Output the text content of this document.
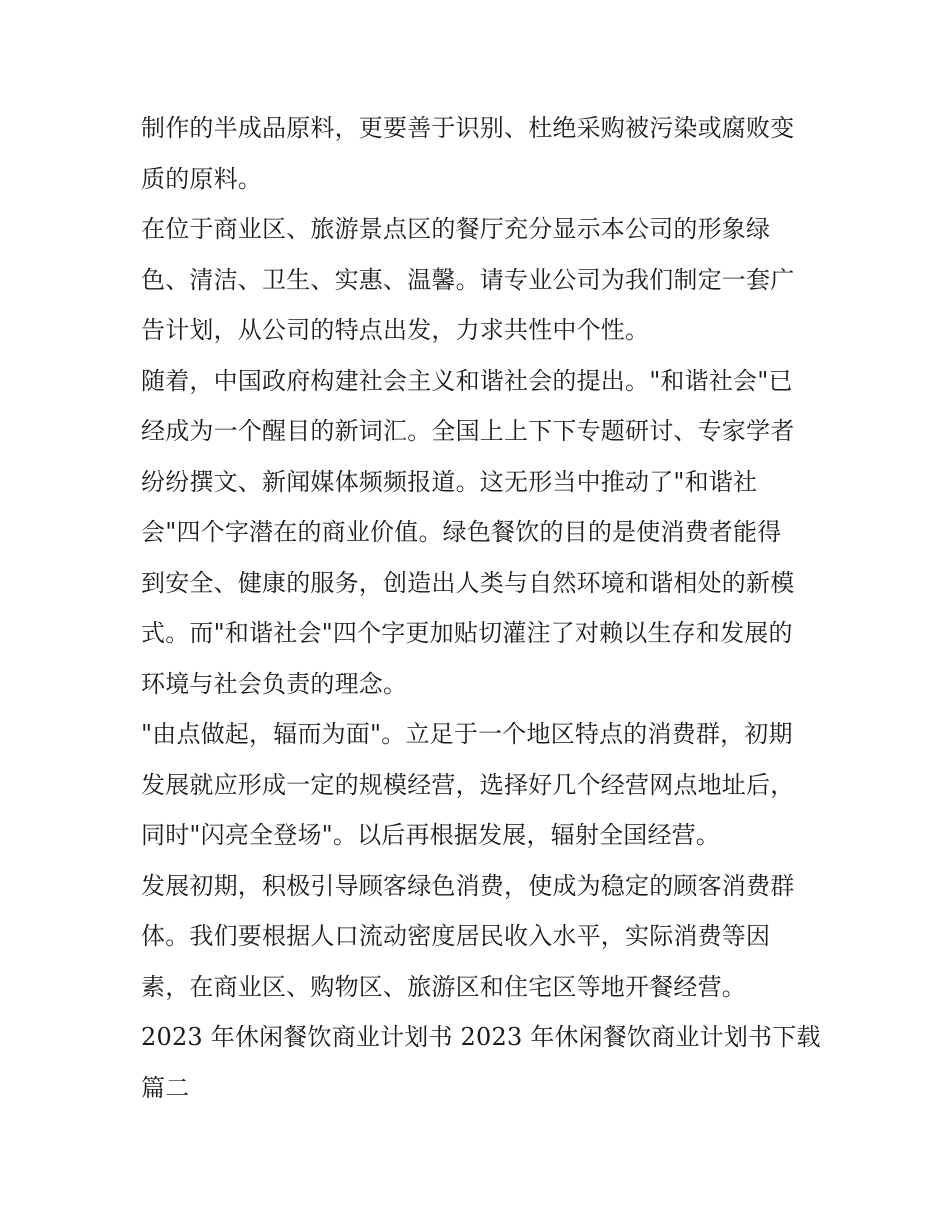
制作的半成品原料，更要善于识别、杜绝采购被污染或腐败变
质的原料。
在位于商业区、旅游景点区的餐厅充分显示本公司的形象绿
色、清洁、卫生、实惠、温馨。请专业公司为我们制定一套广
告计划，从公司的特点出发，力求共性中个性。
随着，中国政府构建社会主义和谐社会的提出。"和谐社会"已
经成为一个醒目的新词汇。全国上上下下专题研讨、专家学者
纷纷撰文、新闻媒体频频报道。这无形当中推动了"和谐社
会"四个字潜在的商业价值。绿色餐饮的目的是使消费者能得
到安全、健康的服务，创造出人类与自然环境和谐相处的新模
式。而"和谐社会"四个字更加贴切灌注了对赖以生存和发展的
环境与社会负责的理念。
"由点做起，辐而为面"。立足于一个地区特点的消费群，初期
发展就应形成一定的规模经营，选择好几个经营网点地址后，
同时"闪亮全登场"。以后再根据发展，辐射全国经营。
发展初期，积极引导顾客绿色消费，使成为稳定的顾客消费群
体。我们要根据人口流动密度居民收入水平，实际消费等因
素，在商业区、购物区、旅游区和住宅区等地开餐经营。
2023 年休闲餐饮商业计划书 2023 年休闲餐饮商业计划书下载
篇二
